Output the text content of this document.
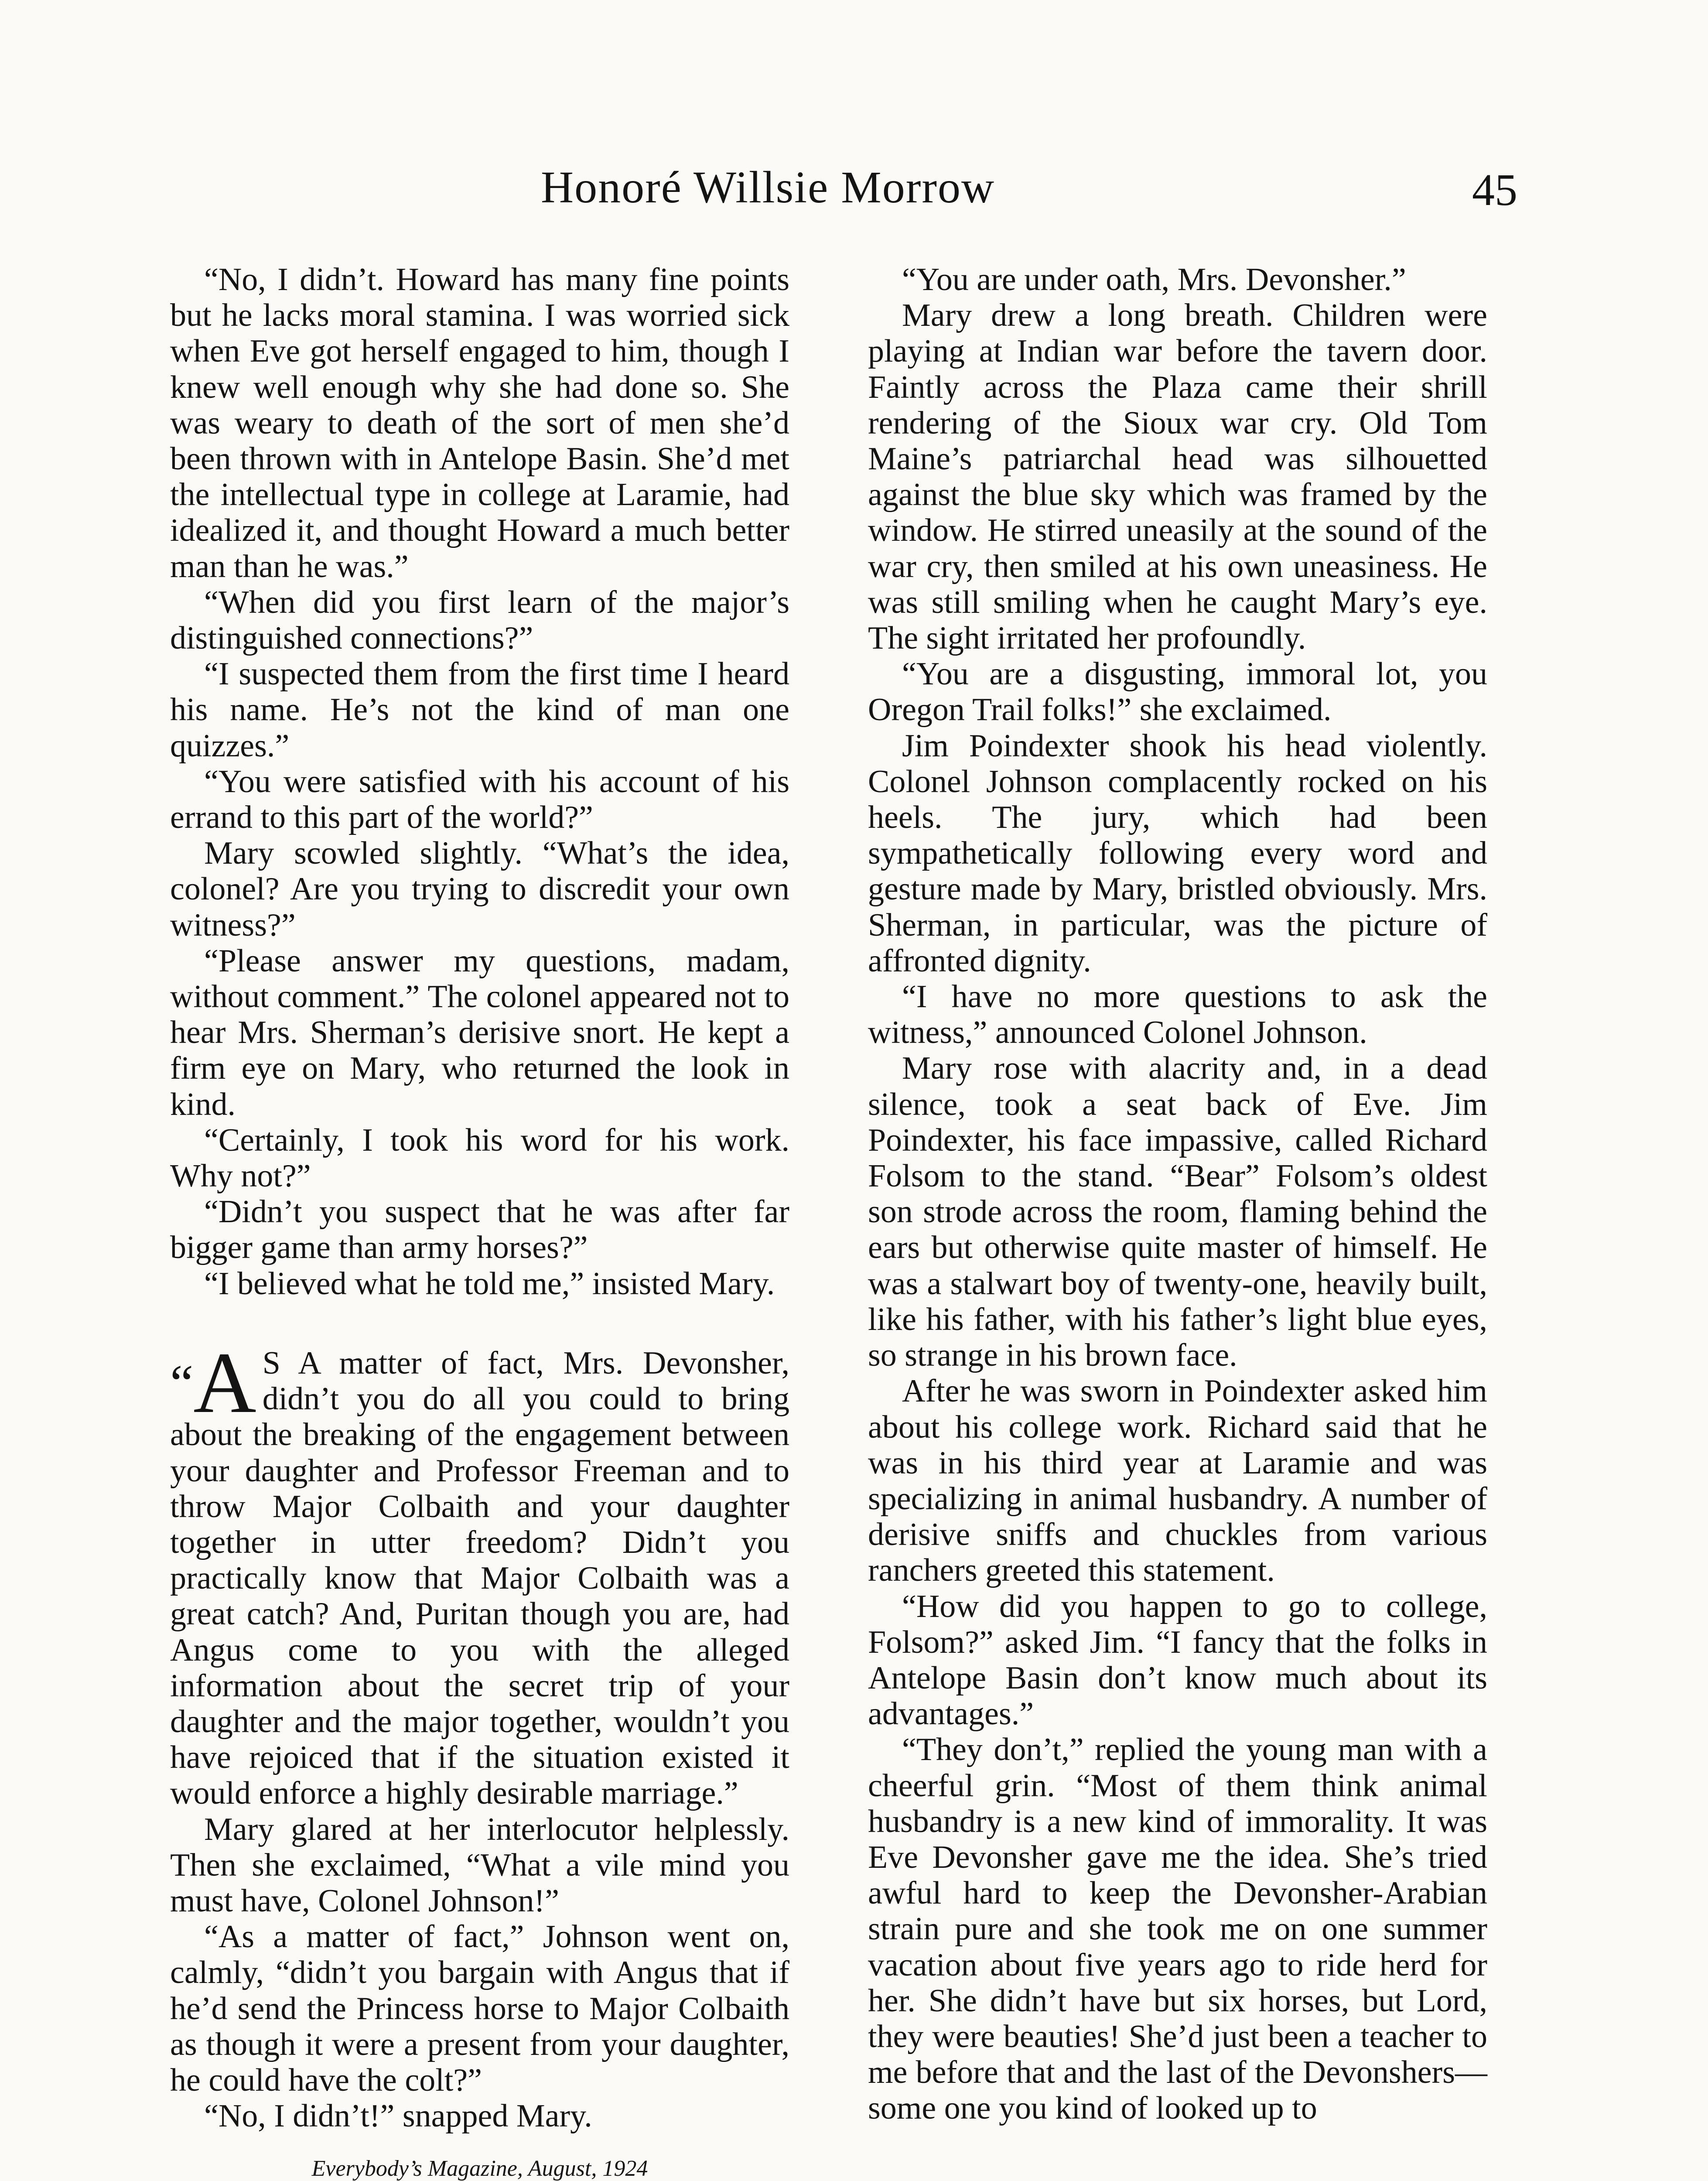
Honoré Willsie Morrow	45

“No, I didn’t. Howard has many fine points but he lacks moral stamina. I was worried sick when Eve got herself engaged to him, though I knew well enough why she had done so. She was weary to death of the sort of men she’d been thrown with in Antelope Basin. She’d met the intellectual type in college at Laramie, had idealized it, and thought Howard a much better man than he was.”

“When did you first learn of the major’s distinguished connections?”

“I suspected them from the first time I heard his name. He’s not the kind of man one quizzes.”

“You were satisfied with his account of his errand to this part of the world?”

Mary scowled slightly. “What’s the idea, colonel? Are you trying to discredit your own witness?”

“Please answer my questions, madam, without comment.” The colonel appeared not to hear Mrs. Sherman’s derisive snort. He kept a firm eye on Mary, who returned the look in kind.

“Certainly, I took his word for his work. Why not?”

“Didn’t you suspect that he was after far bigger game than army horses?”

“I believed what he told me,” insisted Mary.

“A S A matter of fact, Mrs. Devonsher, didn’t you do all you could to bring about the breaking of the engagement between your daughter and Professor Freeman and to throw Major Colbaith and your daughter together in utter freedom? Didn’t you practically know that Major Colbaith was a great catch? And, Puritan though you are, had Angus come to you with the alleged information about the secret trip of your daughter and the major together, wouldn’t you have rejoiced that if the situation existed it would enforce a highly desirable marriage.”

Mary glared at her interlocutor helplessly. Then she exclaimed, “What a vile mind you must have, Colonel Johnson!”

“As a matter of fact,” Johnson went on, calmly, “didn’t you bargain with Angus that if he’d send the Princess horse to Major Colbaith as though it were a present from your daughter, he could have the colt?”

“No, I didn’t!” snapped Mary.

Everybody’s Magazine, August, 1924

“You are under oath, Mrs. Devonsher.”

Mary drew a long breath. Children were playing at Indian war before the tavern door. Faintly across the Plaza came their shrill rendering of the Sioux war cry. Old Tom Maine’s patriarchal head was silhouetted against the blue sky which was framed by the window. He stirred uneasily at the sound of the war cry, then smiled at his own uneasiness. He was still smiling when he caught Mary’s eye. The sight irritated her profoundly.

“You are a disgusting, immoral lot, you Oregon Trail folks!” she exclaimed.

Jim Poindexter shook his head violently. Colonel Johnson complacently rocked on his heels. The jury, which had been sympathetically following every word and gesture made by Mary, bristled obviously. Mrs. Sherman, in particular, was the picture of affronted dignity.

“I have no more questions to ask the witness,” announced Colonel Johnson.

Mary rose with alacrity and, in a dead silence, took a seat back of Eve. Jim Poindexter, his face impassive, called Richard Folsom to the stand. “Bear” Folsom’s oldest son strode across the room, flaming behind the ears but otherwise quite master of himself. He was a stalwart boy of twenty-one, heavily built, like his father, with his father’s light blue eyes, so strange in his brown face.

After he was sworn in Poindexter asked him about his college work. Richard said that he was in his third year at Laramie and was specializing in animal husbandry. A number of derisive sniffs and chuckles from various ranchers greeted this statement.

“How did you happen to go to college, Folsom?” asked Jim. “I fancy that the folks in Antelope Basin don’t know much about its advantages.”

“They don’t,” replied the young man with a cheerful grin. “Most of them think animal husbandry is a new kind of immorality. It was Eve Devonsher gave me the idea. She’s tried awful hard to keep the Devonsher-Arabian strain pure and she took me on one summer vacation about five years ago to ride herd for her. She didn’t have but six horses, but Lord, they were beauties! She’d just been a teacher to me before that and the last of the Devonshers—some one you kind of looked up to
